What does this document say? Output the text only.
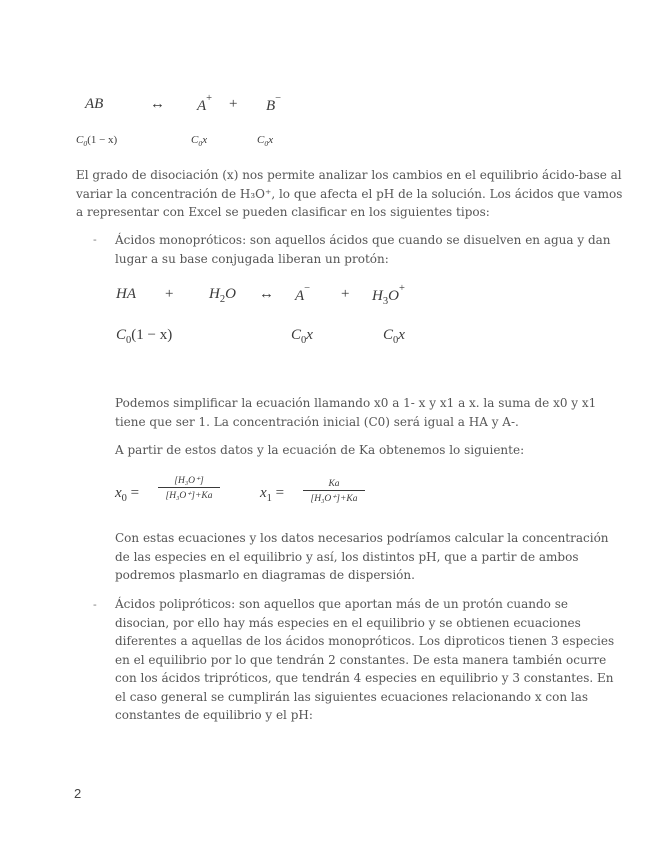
AB	↔ A+ + B−
$C_0(1 - x)$	$C_0x$	$C_0x$
El grado de disociación (x) nos permite analizar los cambios en el equilibrio ácido-base al
variar la concentración de H₃O⁺, lo que afecta el pH de la solución. Los ácidos que vamos
a representar con Excel se pueden clasificar en los siguientes tipos:
- Ácidos monopróticos: son aquellos ácidos que cuando se disuelven en agua y dan
lugar a su base conjugada liberan un protón:
HA + $H_2O$ ↔ $A^- + H_3O^+$
$C_0(1 - x)$	$C_0x$	$C_0x$
Podemos simplificar la ecuación llamando x0 a 1- x y x1 a x. la suma de x0 y x1
tiene que ser 1. La concentración inicial (C0) será igual a HA y A-.
A partir de estos datos y la ecuación de Ka obtenemos lo siguiente:
$x_0$ =
[H₃O⁺]
[H₃O⁺]+Ka	$x_1$ =
Ka
[H₃O⁺]+Ka
Con estas ecuaciones y los datos necesarios podríamos calcular la concentración
de las especies en el equilibrio y así, los distintos pH, que a partir de ambos
podremos plasmarlo en diagramas de dispersión.
- Ácidos polipróticos: son aquellos que aportan más de un protón cuando se
disocian, por ello hay más especies en el equilibrio y se obtienen ecuaciones
diferentes a aquellas de los ácidos monopróticos. Los diproticos tienen 3 especies
en el equilibrio por lo que tendrán 2 constantes. De esta manera también ocurre
con los ácidos tripróticos, que tendrán 4 especies en equilibrio y 3 constantes. En
el caso general se cumplirán las siguientes ecuaciones relacionando x con las
constantes de equilibrio y el pH:
2
